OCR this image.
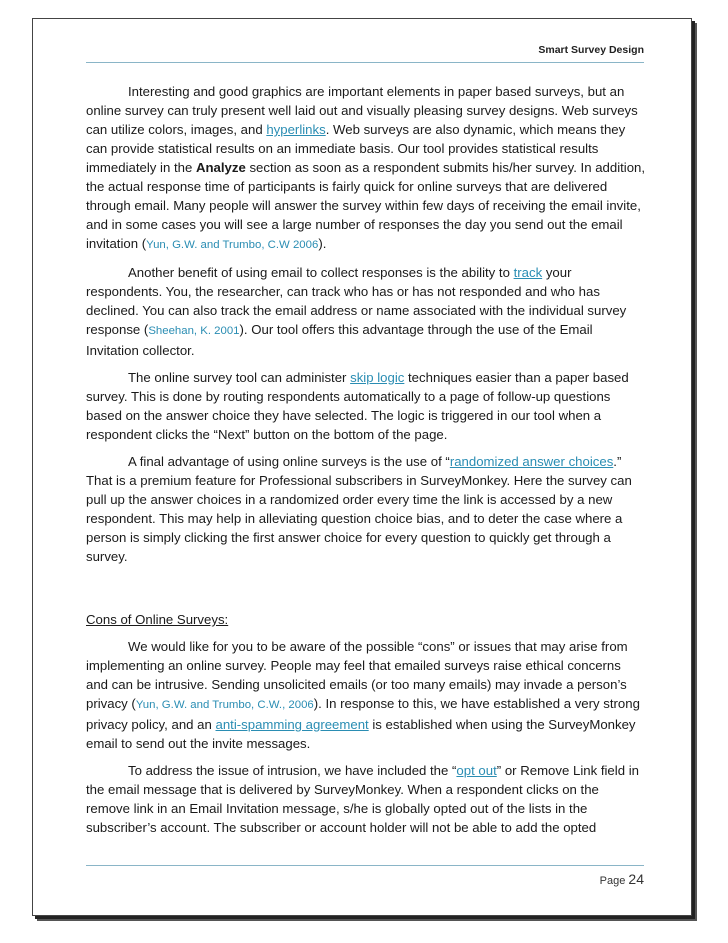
Smart Survey Design

Interesting and good graphics are important elements in paper based surveys, but an online survey can truly present well laid out and visually pleasing survey designs. Web surveys can utilize colors, images, and hyperlinks. Web surveys are also dynamic, which means they can provide statistical results on an immediate basis. Our tool provides statistical results immediately in the Analyze section as soon as a respondent submits his/her survey. In addition, the actual response time of participants is fairly quick for online surveys that are delivered through email. Many people will answer the survey within few days of receiving the email invite, and in some cases you will see a large number of responses the day you send out the email invitation (Yun, G.W. and Trumbo, C.W 2006).

Another benefit of using email to collect responses is the ability to track your respondents. You, the researcher, can track who has or has not responded and who has declined. You can also track the email address or name associated with the individual survey response (Sheehan, K. 2001). Our tool offers this advantage through the use of the Email Invitation collector.

The online survey tool can administer skip logic techniques easier than a paper based survey. This is done by routing respondents automatically to a page of follow-up questions based on the answer choice they have selected. The logic is triggered in our tool when a respondent clicks the “Next” button on the bottom of the page.

A final advantage of using online surveys is the use of “randomized answer choices.” That is a premium feature for Professional subscribers in SurveyMonkey. Here the survey can pull up the answer choices in a randomized order every time the link is accessed by a new respondent. This may help in alleviating question choice bias, and to deter the case where a person is simply clicking the first answer choice for every question to quickly get through a survey.

Cons of Online Surveys:

We would like for you to be aware of the possible “cons” or issues that may arise from implementing an online survey. People may feel that emailed surveys raise ethical concerns and can be intrusive. Sending unsolicited emails (or too many emails) may invade a person’s privacy (Yun, G.W. and Trumbo, C.W., 2006). In response to this, we have established a very strong privacy policy, and an anti-spamming agreement is established when using the SurveyMonkey email to send out the invite messages.

To address the issue of intrusion, we have included the “opt out” or Remove Link field in the email message that is delivered by SurveyMonkey. When a respondent clicks on the remove link in an Email Invitation message, s/he is globally opted out of the lists in the subscriber’s account. The subscriber or account holder will not be able to add the opted

Page 24
